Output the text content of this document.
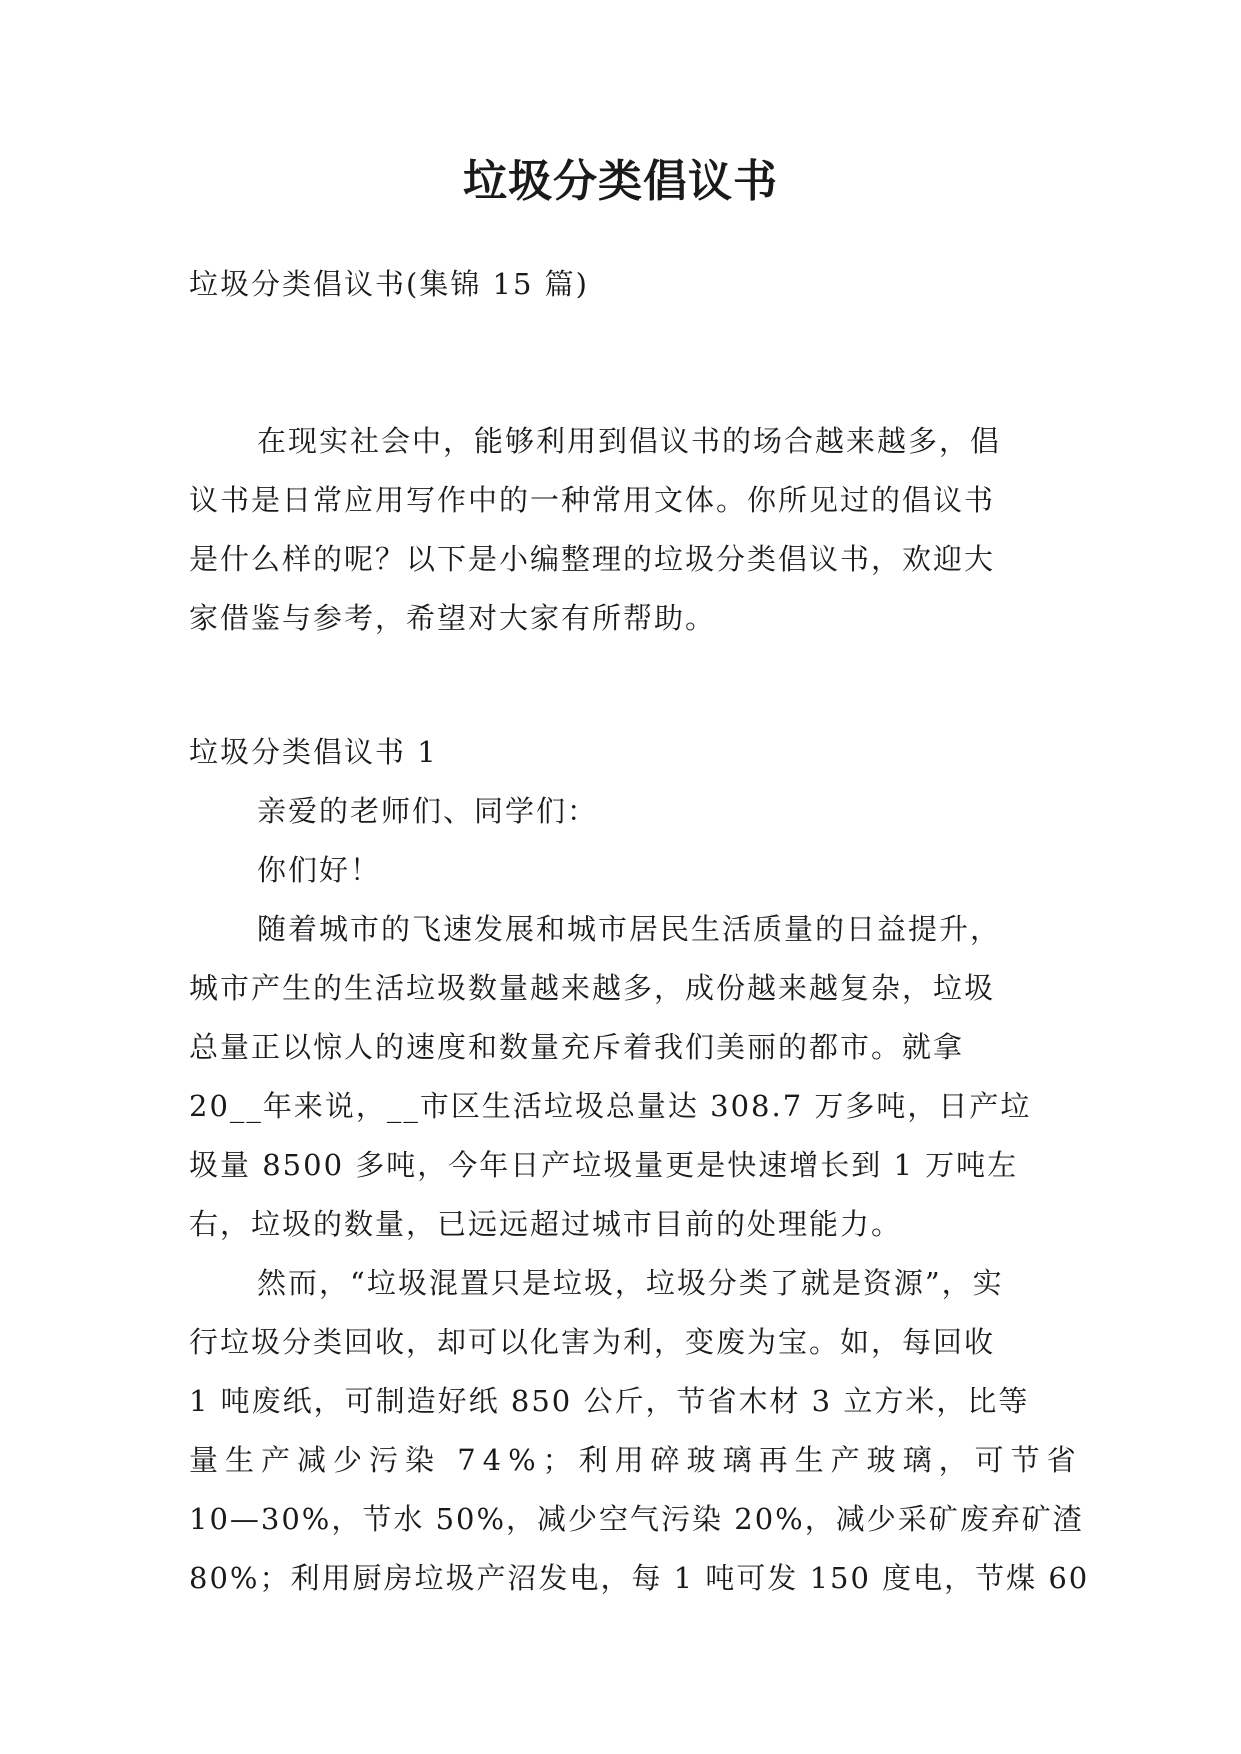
垃圾分类倡议书
垃圾分类倡议书(集锦 15 篇)
在现实社会中，能够利用到倡议书的场合越来越多，倡
议书是日常应用写作中的一种常用文体。你所见过的倡议书
是什么样的呢？以下是小编整理的垃圾分类倡议书，欢迎大
家借鉴与参考，希望对大家有所帮助。
垃圾分类倡议书 1
亲爱的老师们、同学们：
你们好！
随着城市的飞速发展和城市居民生活质量的日益提升，
城市产生的生活垃圾数量越来越多，成份越来越复杂，垃圾
总量正以惊人的速度和数量充斥着我们美丽的都市。就拿
20__年来说，__市区生活垃圾总量达 308.7 万多吨，日产垃
圾量 8500 多吨，今年日产垃圾量更是快速增长到 1 万吨左
右，垃圾的数量，已远远超过城市目前的处理能力。
然而，“垃圾混置只是垃圾，垃圾分类了就是资源”，实
行垃圾分类回收，却可以化害为利，变废为宝。如，每回收
1 吨废纸，可制造好纸 850 公斤，节省木材 3 立方米，比等
量生产减少污染 74%；利用碎玻璃再生产玻璃，可节省
10—30%，节水 50%，减少空气污染 20%，减少采矿废弃矿渣
80%；利用厨房垃圾产沼发电，每 1 吨可发 150 度电，节煤 60
